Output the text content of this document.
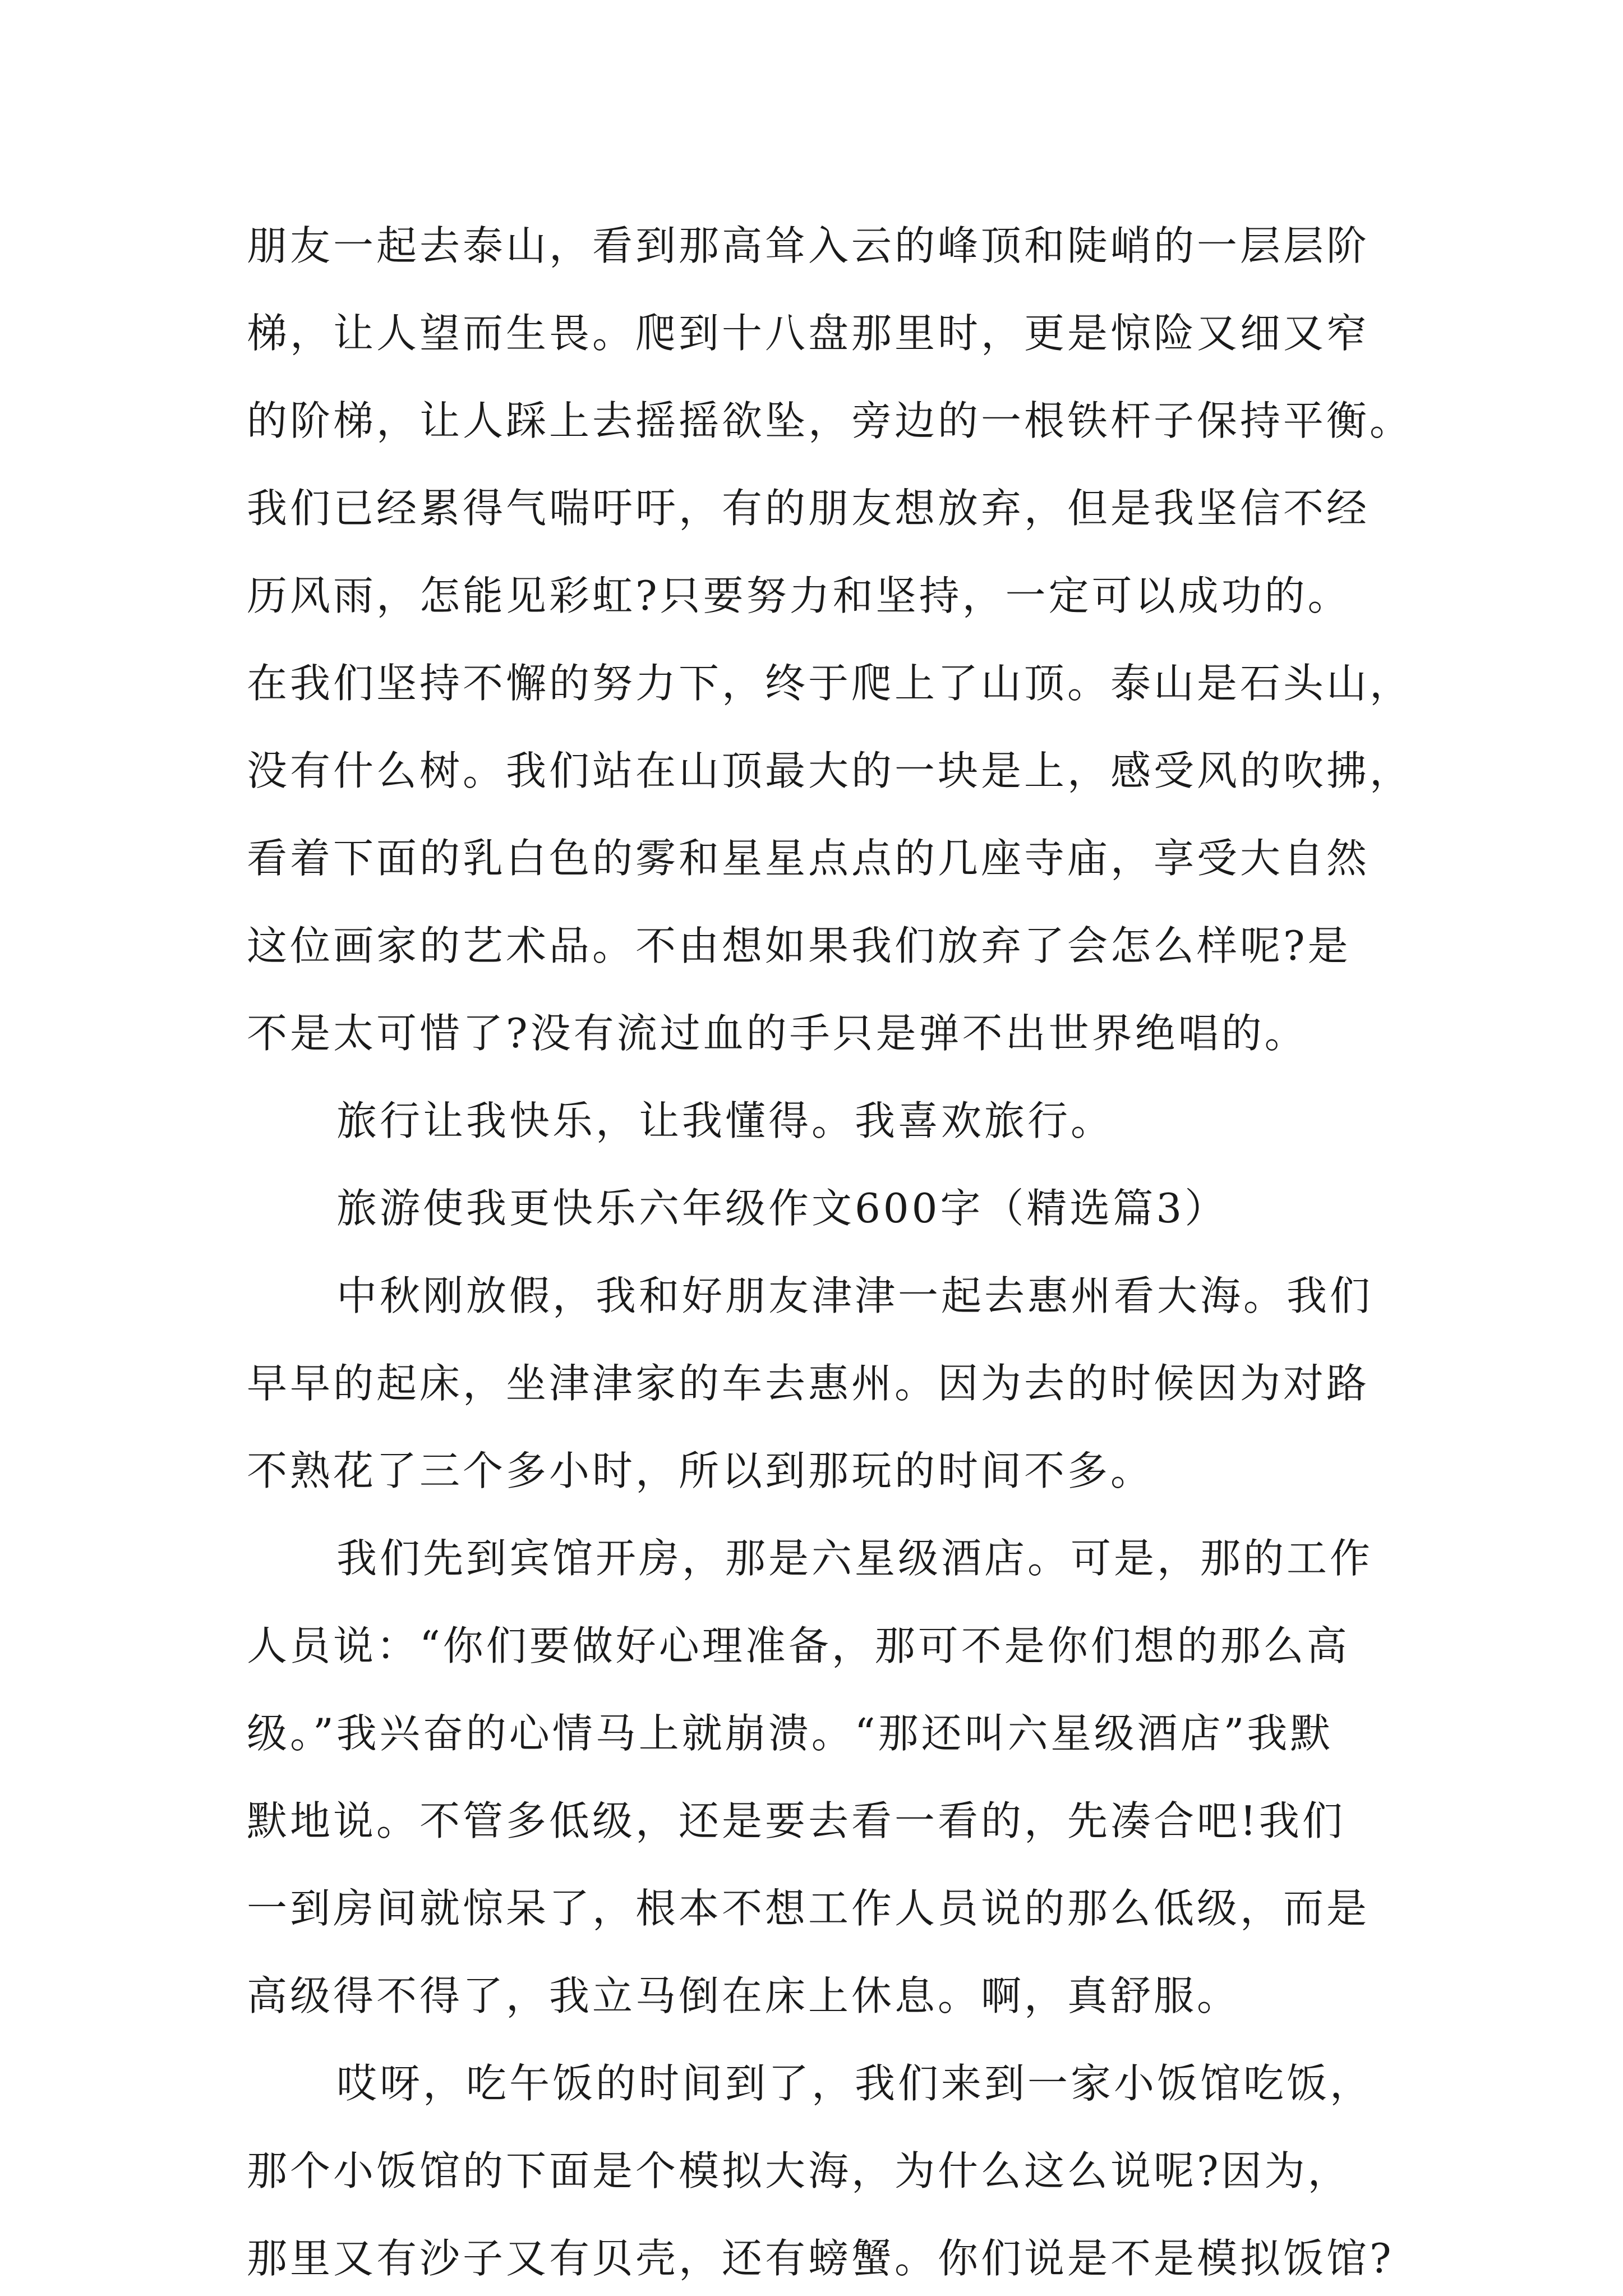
朋友一起去泰山，看到那高耸入云的峰顶和陡峭的一层层阶
梯，让人望而生畏。爬到十八盘那里时，更是惊险又细又窄
的阶梯，让人踩上去摇摇欲坠，旁边的一根铁杆子保持平衡。
我们已经累得气喘吁吁，有的朋友想放弃，但是我坚信不经
历风雨，怎能见彩虹?只要努力和坚持，一定可以成功的。
在我们坚持不懈的努力下，终于爬上了山顶。泰山是石头山，
没有什么树。我们站在山顶最大的一块是上，感受风的吹拂，
看着下面的乳白色的雾和星星点点的几座寺庙，享受大自然
这位画家的艺术品。不由想如果我们放弃了会怎么样呢?是
不是太可惜了?没有流过血的手只是弹不出世界绝唱的。
旅行让我快乐，让我懂得。我喜欢旅行。
旅游使我更快乐六年级作文600字（精选篇3）
中秋刚放假，我和好朋友津津一起去惠州看大海。我们
早早的起床，坐津津家的车去惠州。因为去的时候因为对路
不熟花了三个多小时，所以到那玩的时间不多。
我们先到宾馆开房，那是六星级酒店。可是，那的工作
人员说：“你们要做好心理准备，那可不是你们想的那么高
级。”我兴奋的心情马上就崩溃。“那还叫六星级酒店”我默
默地说。不管多低级，还是要去看一看的，先凑合吧!我们
一到房间就惊呆了，根本不想工作人员说的那么低级，而是
高级得不得了，我立马倒在床上休息。啊，真舒服。
哎呀，吃午饭的时间到了，我们来到一家小饭馆吃饭，
那个小饭馆的下面是个模拟大海，为什么这么说呢?因为，
那里又有沙子又有贝壳，还有螃蟹。你们说是不是模拟饭馆?
